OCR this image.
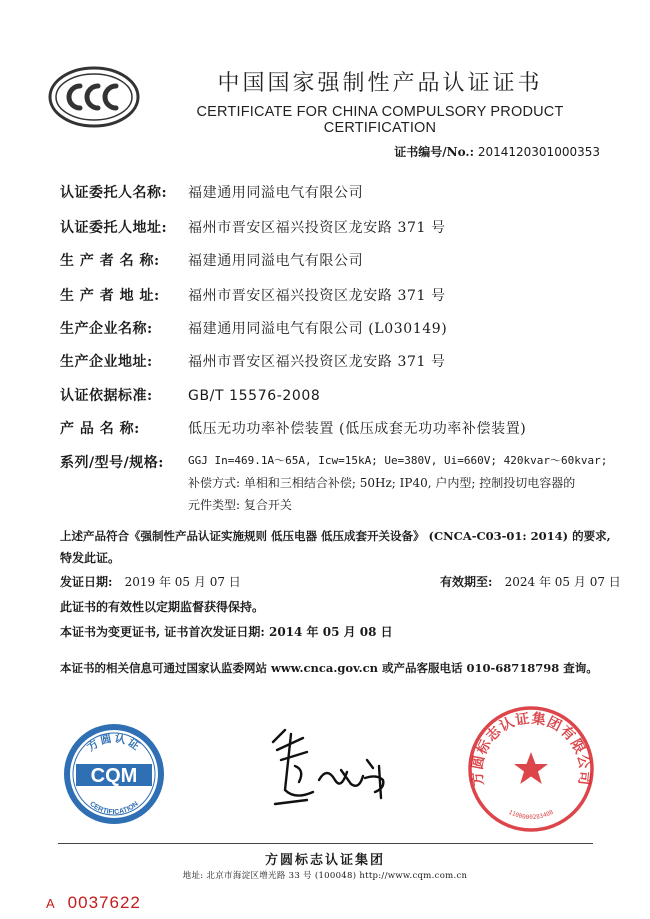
中国国家强制性产品认证证书
CERTIFICATE FOR CHINA COMPULSORY PRODUCT CERTIFICATION
证书编号/No.: 2014120301000353
认证委托人名称: 福建通用同溢电气有限公司
认证委托人地址: 福州市晋安区福兴投资区龙安路 371 号
生 产 者 名 称: 福建通用同溢电气有限公司
生 产 者 地 址: 福州市晋安区福兴投资区龙安路 371 号
生产企业名称:	福建通用同溢电气有限公司 (L030149)
生产企业地址:	福州市晋安区福兴投资区龙安路 371 号
认证依据标准:	GB/T 15576-2008
产 品 名 称:	低压无功功率补偿装置 (低压成套无功功率补偿装置)
系列/型号/规格:	GGJ In=469.1A～65A, Icw=15kA; Ue=380V, Ui=660V; 420kvar～60kvar;
补偿方式: 单相和三相结合补偿; 50Hz; IP40, 户内型; 控制投切电容器的
元件类型: 复合开关
上述产品符合《强制性产品认证实施规则 低压电器 低压成套开关设备》 (CNCA-C03-01: 2014) 的要求,
特发此证。
发证日期: 2019 年 05 月 07 日	有效期至: 2024 年 05 月 07 日
此证书的有效性以定期监督获得保持。
本证书为变更证书, 证书首次发证日期: 2014 年 05 月 08 日
本证书的相关信息可通过国家认监委网站 www.cnca.gov.cn 或产品客服电话 010-68718798 查询。
方圆认证
CQM
CERTIFICATION
方圆标志认证集团有限公司
1100000283408
方圆标志认证集团
地址: 北京市海淀区增光路 33 号 (100048) http://www.cqm.com.cn
A 0037622
